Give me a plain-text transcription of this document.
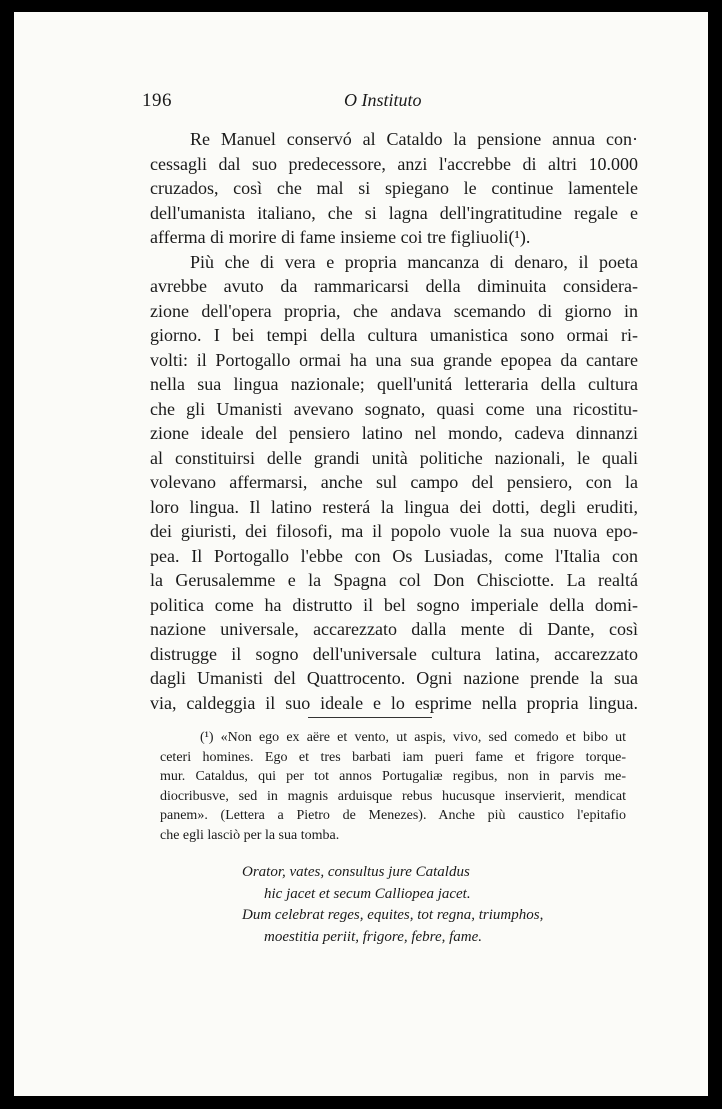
196	O Instituto
Re Manuel conservó al Cataldo la pensione annua con·
cessagli dal suo predecessore, anzi l'accrebbe di altri 10.000
cruzados, così che mal si spiegano le continue lamentele
dell'umanista italiano, che si lagna dell'ingratitudine regale e
afferma di morire di fame insieme coi tre figliuoli(¹).
Più che di vera e propria mancanza di denaro, il poeta
avrebbe avuto da rammaricarsi della diminuita considera-
zione dell'opera propria, che andava scemando di giorno in
giorno. I bei tempi della cultura umanistica sono ormai ri-
volti: il Portogallo ormai ha una sua grande epopea da cantare
nella sua lingua nazionale; quell'unitá letteraria della cultura
che gli Umanisti avevano sognato, quasi come una ricostitu-
zione ideale del pensiero latino nel mondo, cadeva dinnanzi
al constituirsi delle grandi unità politiche nazionali, le quali
volevano affermarsi, anche sul campo del pensiero, con la
loro lingua. Il latino resterá la lingua dei dotti, degli eruditi,
dei giuristi, dei filosofi, ma il popolo vuole la sua nuova epo-
pea. Il Portogallo l'ebbe con Os Lusiadas, come l'Italia con
la Gerusalemme e la Spagna col Don Chisciotte. La realtá
politica come ha distrutto il bel sogno imperiale della domi-
nazione universale, accarezzato dalla mente di Dante, così
distrugge il sogno dell'universale cultura latina, accarezzato
dagli Umanisti del Quattrocento. Ogni nazione prende la sua
via, caldeggia il suo ideale e lo esprime nella propria lingua.
(¹) «Non ego ex aëre et vento, ut aspis, vivo, sed comedo et bibo ut
ceteri homines. Ego et tres barbati iam pueri fame et frigore torque-
mur. Cataldus, qui per tot annos Portugaliæ regibus, non in parvis me-
diocribusve, sed in magnis arduisque rebus hucusque inservierit, mendicat
panem». (Lettera a Pietro de Menezes). Anche più caustico l'epitafio
che egli lasciò per la sua tomba.
Orator, vates, consultus jure Cataldus
hic jacet et secum Calliopea jacet.
Dum celebrat reges, equites, tot regna, triumphos,
moestitia periit, frigore, febre, fame.
